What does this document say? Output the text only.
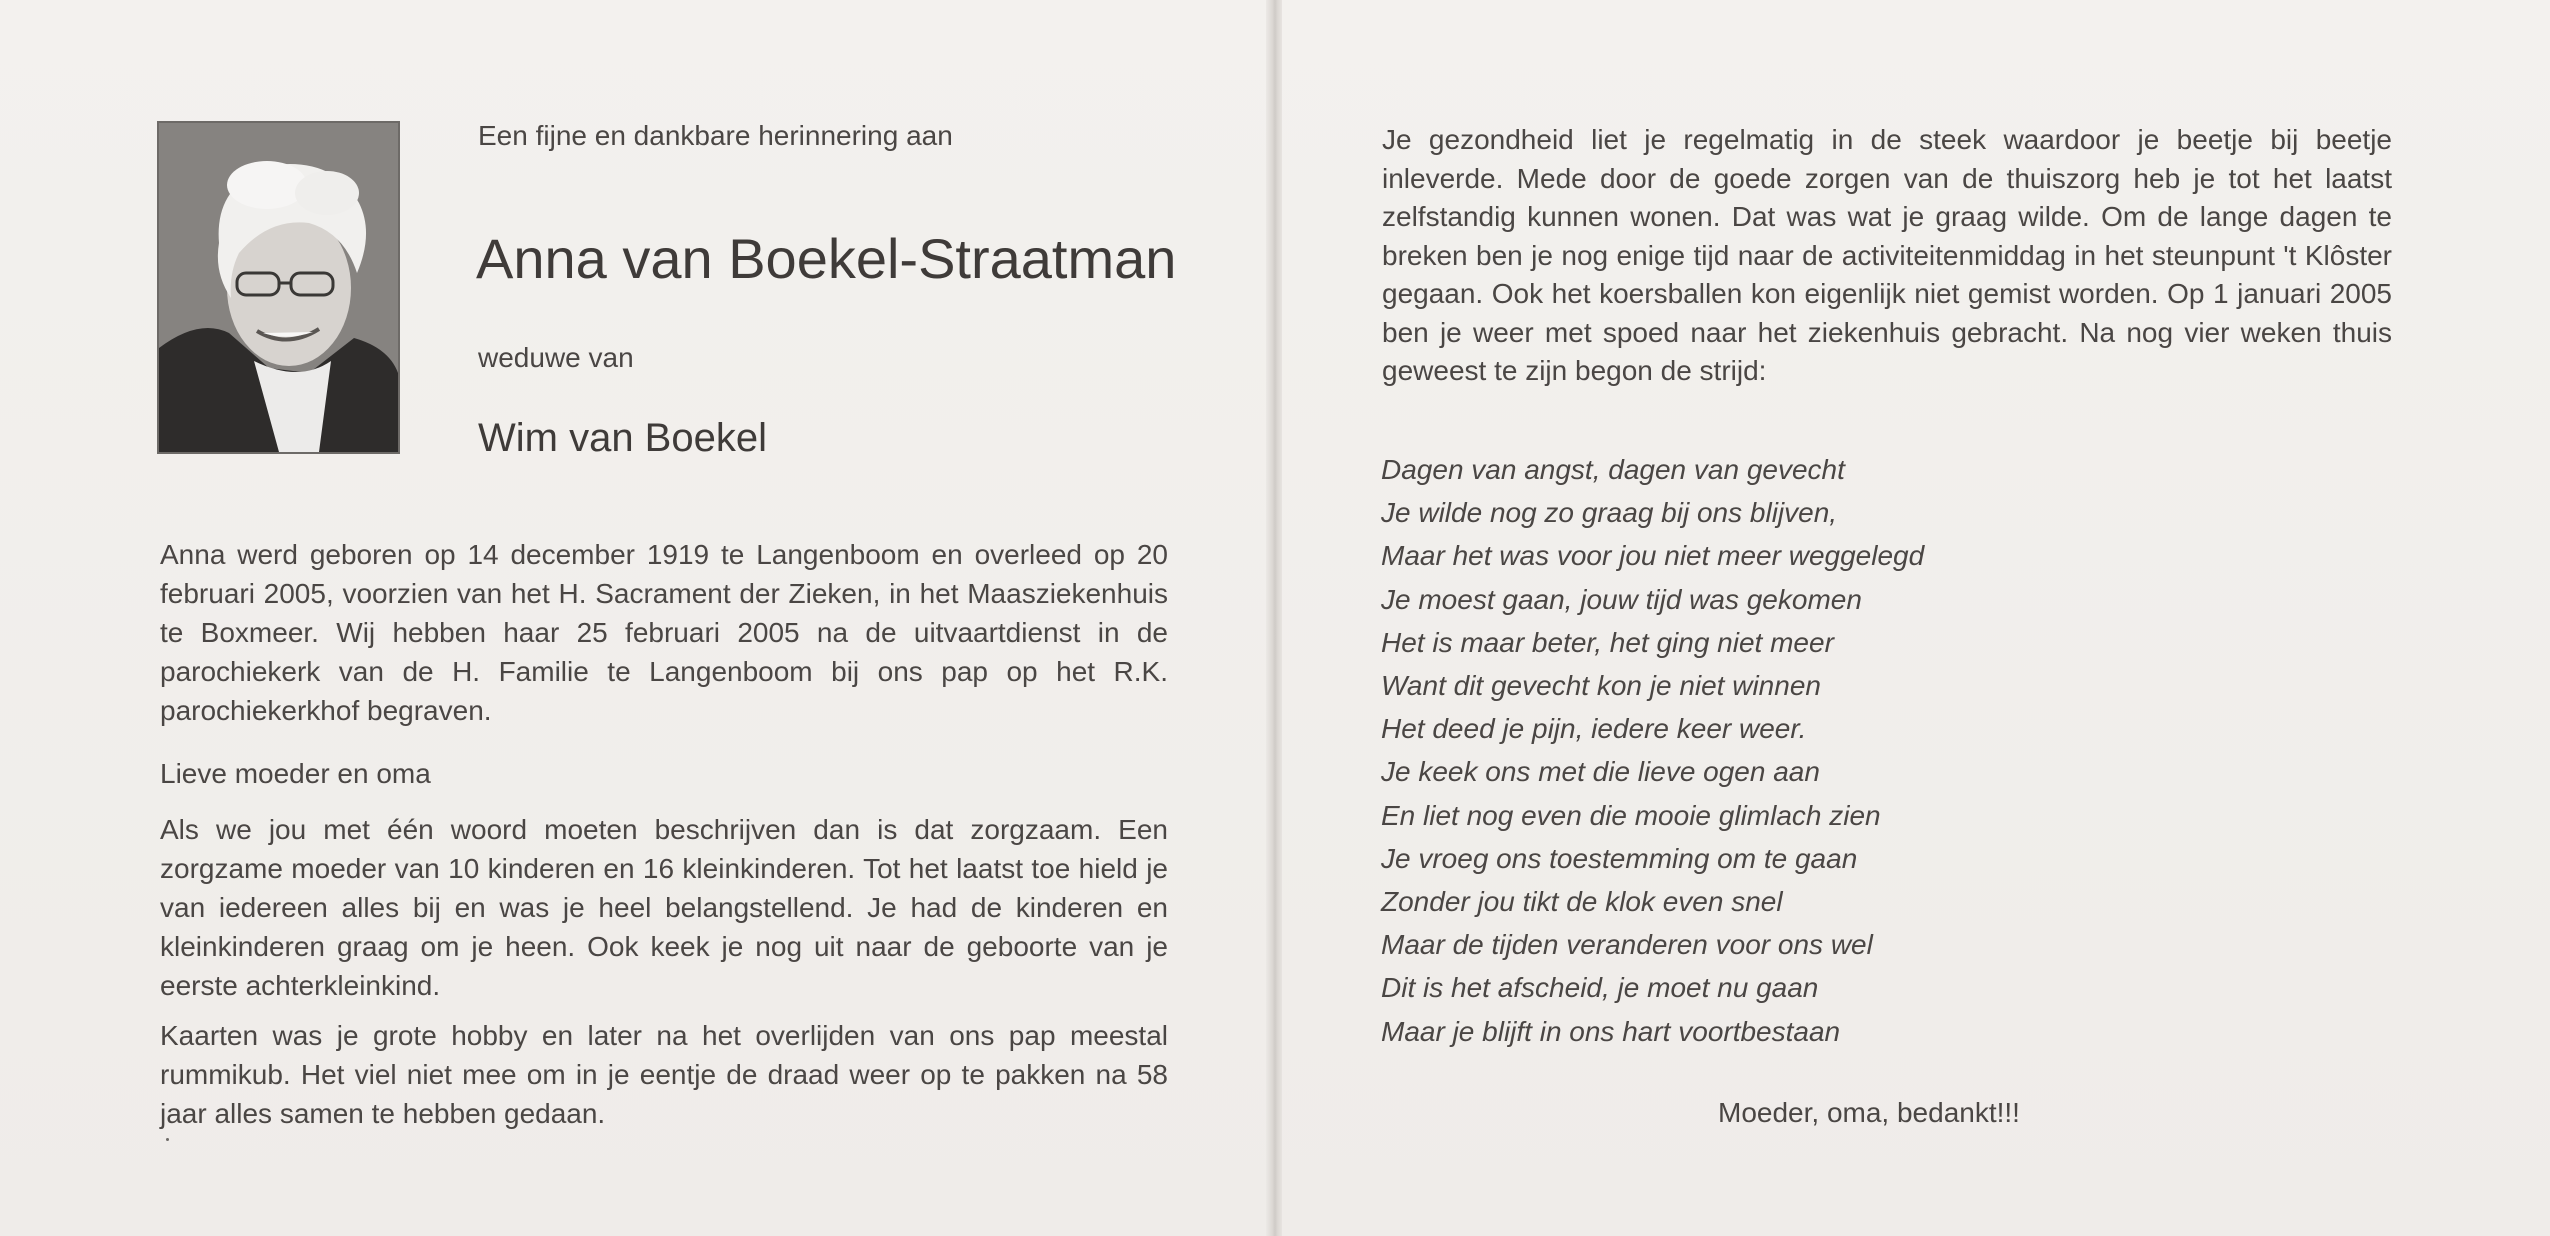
Een fijne en dankbare herinnering aan
Anna van Boekel-Straatman
weduwe van
Wim van Boekel

Anna werd geboren op 14 december 1919 te Langenboom en overleed op 20 februari 2005, voorzien van het H. Sacrament der Zieken, in het Maasziekenhuis te Boxmeer. Wij hebben haar 25 februari 2005 na de uitvaartdienst in de parochiekerk van de H. Familie te Langenboom bij ons pap op het R.K. parochiekerkhof begraven.

Lieve moeder en oma

Als we jou met één woord moeten beschrijven dan is dat zorgzaam. Een zorgzame moeder van 10 kinderen en 16 kleinkinderen. Tot het laatst toe hield je van iedereen alles bij en was je heel belangstellend. Je had de kinderen en kleinkinderen graag om je heen. Ook keek je nog uit naar de geboorte van je eerste achterkleinkind.

Kaarten was je grote hobby en later na het overlijden van ons pap meestal rummikub. Het viel niet mee om in je eentje de draad weer op te pakken na 58 jaar alles samen te hebben gedaan.

Je gezondheid liet je regelmatig in de steek waardoor je beetje bij beetje inleverde. Mede door de goede zorgen van de thuiszorg heb je tot het laatst zelfstandig kunnen wonen. Dat was wat je graag wilde. Om de lange dagen te breken ben je nog enige tijd naar de activiteitenmiddag in het steunpunt 't Klôster gegaan. Ook het koersballen kon eigenlijk niet gemist worden. Op 1 januari 2005 ben je weer met spoed naar het ziekenhuis gebracht. Na nog vier weken thuis geweest te zijn begon de strijd:

Dagen van angst, dagen van gevecht
Je wilde nog zo graag bij ons blijven,
Maar het was voor jou niet meer weggelegd
Je moest gaan, jouw tijd was gekomen
Het is maar beter, het ging niet meer
Want dit gevecht kon je niet winnen
Het deed je pijn, iedere keer weer.
Je keek ons met die lieve ogen aan
En liet nog even die mooie glimlach zien
Je vroeg ons toestemming om te gaan
Zonder jou tikt de klok even snel
Maar de tijden veranderen voor ons wel
Dit is het afscheid, je moet nu gaan
Maar je blijft in ons hart voortbestaan
Moeder, oma, bedankt!!!
